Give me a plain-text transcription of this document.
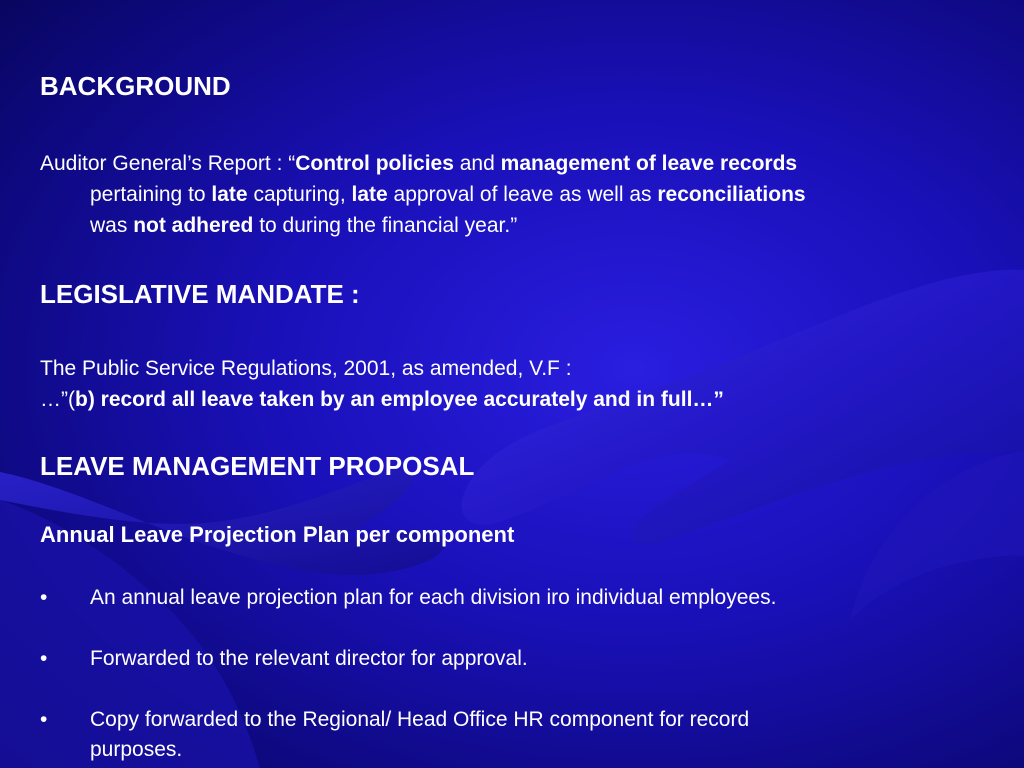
BACKGROUND
Auditor General’s Report : “Control policies and management of leave records
pertaining to late capturing, late approval of leave as well as reconciliations
was not adhered to during the financial year.”
LEGISLATIVE MANDATE :
The Public Service Regulations, 2001, as amended, V.F :
…”(b) record all leave taken by an employee accurately and in full…”
LEAVE MANAGEMENT PROPOSAL
Annual Leave Projection Plan per component
• An annual leave projection plan for each division iro individual employees.
• Forwarded to the relevant director for approval.
• Copy forwarded to the Regional/ Head Office HR component for record
purposes.
